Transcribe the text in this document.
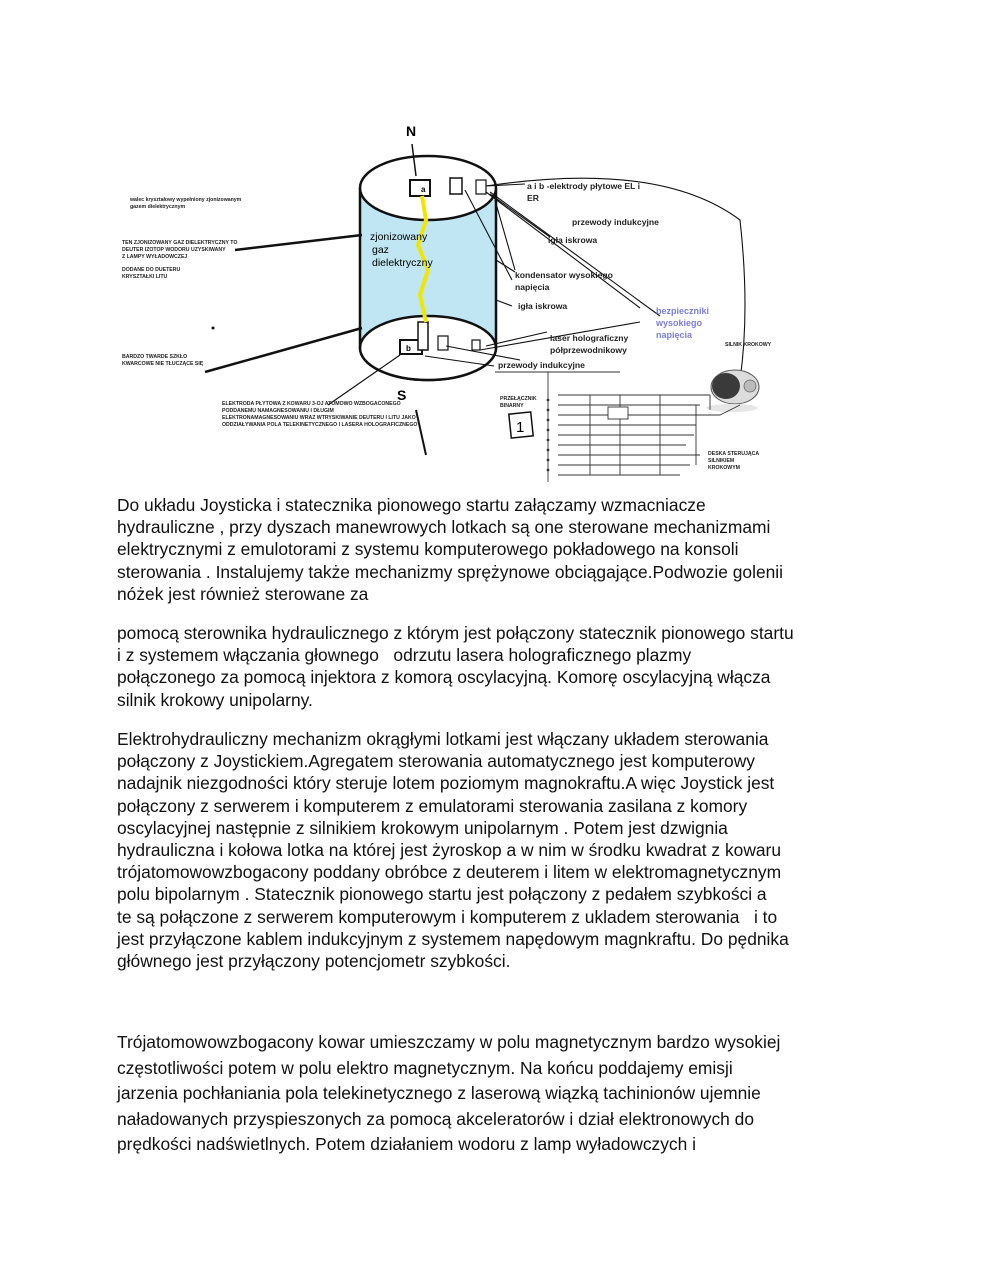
N
S
a
b
zjonizowany
gaz
dielektryczny
walec kryształowy wypełniony zjonizowanym
gazem dielektrycznym
TEN ZJONIZOWANY GAZ DIELEKTRYCZNY TO
DEUTER IZOTOP WODORU UZYSKIWANY
Z LAMPY WYŁADOWCZEJ
DODANE DO DUETERU
KRYSZTAŁKI LITU
BARDZO TWARDE SZKŁO
KWARCOWE NIE TŁUCZĄCE SIĘ
ELEKTRODA PŁYTOWA Z KOWARU 3-OJ ATOMOWO WZBOGACONEGO
PODDANEMU NAMAGNESOWANIU I DŁUGIM
ELEKTRONAMAGNESOWANIU WRAZ WTRYSKIWANIE DEUTERU I LITU JAKO
ODDZIAŁYWANIA POLA TELEKINETYCZNEGO I LASERA HOLOGRAFICZNEGO
a i b -elektrody płytowe EL i
ER
przewody indukcyjne
igła iskrowa
kondensator wysokiego
napięcia
igła iskrowa
laser holograficzny
półprzewodnikowy
przewody indukcyjne
bezpieczniki
wysokiego
napięcia
SILNIK KROKOWY
PRZEŁĄCZNIK
BINARNY
1
DESKA STERUJĄCA
SILNIKIEM
KROKOWYM
Do układu Joysticka i statecznika pionowego startu załączamy wzmacniacze
hydrauliczne , przy dyszach manewrowych lotkach są one sterowane mechanizmami
elektrycznymi z emulotorami z systemu komputerowego pokładowego na konsoli
sterowania . Instalujemy także mechanizmy sprężynowe obciągające.Podwozie golenii
nóżek jest również sterowane za
pomocą sterownika hydraulicznego z którym jest połączony statecznik pionowego startu
i z systemem włączania głownego   odrzutu lasera holograficznego plazmy
połączonego za pomocą injektora z komorą oscylacyjną. Komorę oscylacyjną włącza
silnik krokowy unipolarny.
Elektrohydrauliczny mechanizm okrągłymi lotkami jest włączany układem sterowania
połączony z Joystickiem.Agregatem sterowania automatycznego jest komputerowy
nadajnik niezgodności który steruje lotem poziomym magnokraftu.A więc Joystick jest
połączony z serwerem i komputerem z emulatorami sterowania zasilana z komory
oscylacyjnej następnie z silnikiem krokowym unipolarnym . Potem jest dzwignia
hydrauliczna i kołowa lotka na której jest żyroskop a w nim w środku kwadrat z kowaru
trójatomowowzbogacony poddany obróbce z deuterem i litem w elektromagnetycznym
polu bipolarnym . Statecznik pionowego startu jest połączony z pedałem szybkości a
te są połączone z serwerem komputerowym i komputerem z ukladem sterowania   i to
jest przyłączone kablem indukcyjnym z systemem napędowym magnkraftu. Do pędnika
głównego jest przyłączony potencjometr szybkości.
Trójatomowowzbogacony kowar umieszczamy w polu magnetycznym bardzo wysokiej
częstotliwości potem w polu elektro magnetycznym. Na końcu poddajemy emisji
jarzenia pochłaniania pola telekinetycznego z laserową wiązką tachinionów ujemnie
naładowanych przyspieszonych za pomocą akceleratorów i dział elektronowych do
prędkości nadświetlnych. Potem działaniem wodoru z lamp wyładowczych i
